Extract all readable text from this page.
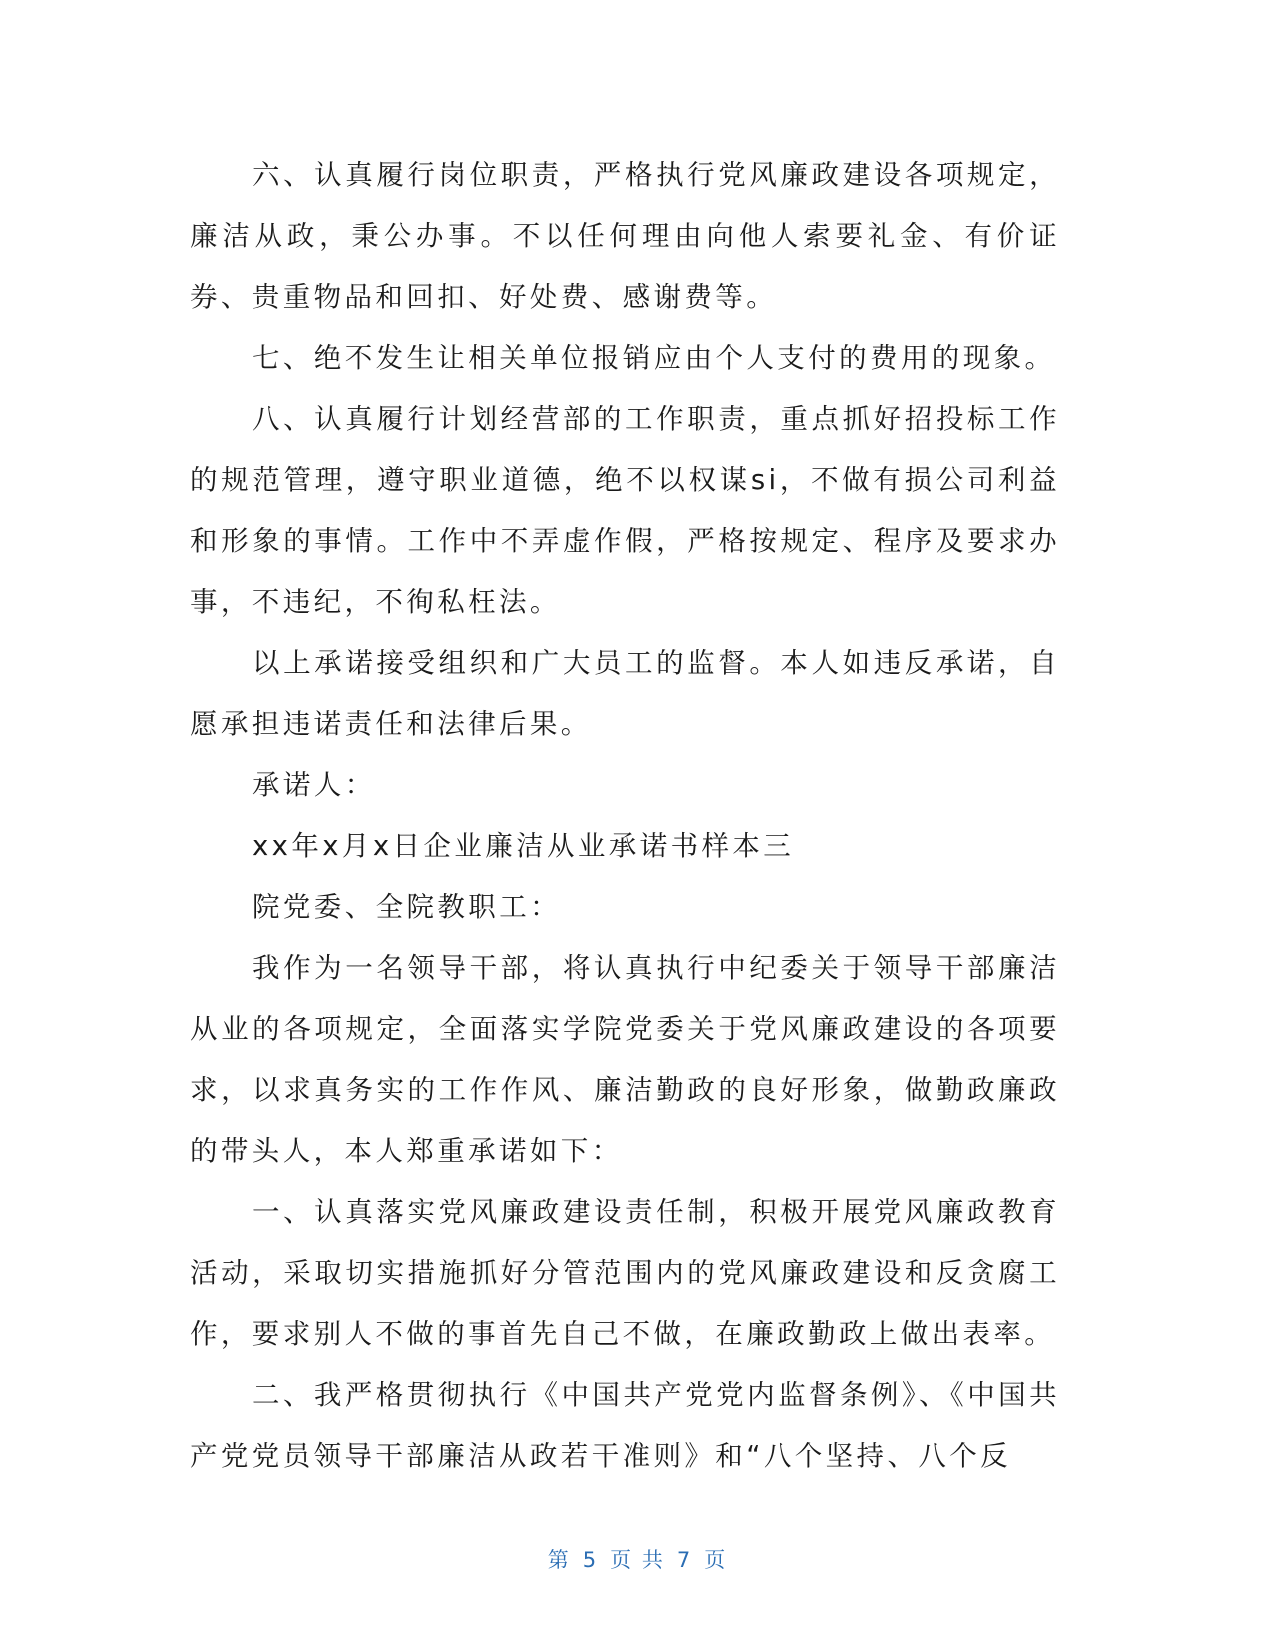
六、认真履行岗位职责，严格执行党风廉政建设各项规定，廉洁从政，秉公办事。不以任何理由向他人索要礼金、有价证券、贵重物品和回扣、好处费、感谢费等。

七、绝不发生让相关单位报销应由个人支付的费用的现象。

八、认真履行计划经营部的工作职责，重点抓好招投标工作的规范管理，遵守职业道德，绝不以权谋si，不做有损公司利益和形象的事情。工作中不弄虚作假，严格按规定、程序及要求办事，不违纪，不徇私枉法。

以上承诺接受组织和广大员工的监督。本人如违反承诺，自愿承担违诺责任和法律后果。

承诺人：

xx年x月x日企业廉洁从业承诺书样本三

院党委、全院教职工：

我作为一名领导干部，将认真执行中纪委关于领导干部廉洁从业的各项规定，全面落实学院党委关于党风廉政建设的各项要求，以求真务实的工作作风、廉洁勤政的良好形象，做勤政廉政的带头人，本人郑重承诺如下：

一、认真落实党风廉政建设责任制，积极开展党风廉政教育活动，采取切实措施抓好分管范围内的党风廉政建设和反贪腐工作，要求别人不做的事首先自己不做，在廉政勤政上做出表率。

二、我严格贯彻执行《中国共产党党内监督条例》、《中国共产党党员领导干部廉洁从政若干准则》和“八个坚持、八个反

第 5 页 共 7 页
